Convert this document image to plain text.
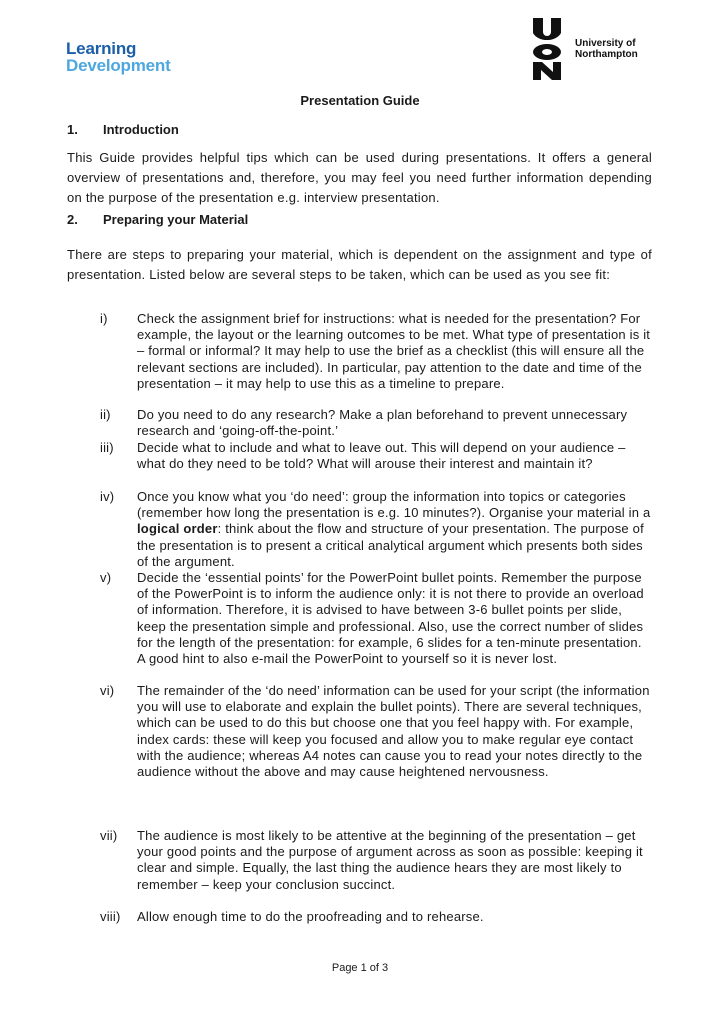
Learning
Development
University of
Northampton
Presentation Guide
1. Introduction
This Guide provides helpful tips which can be used during presentations. It offers a general overview of presentations and, therefore, you may feel you need further information depending on the purpose of the presentation e.g. interview presentation.
2. Preparing your Material
There are steps to preparing your material, which is dependent on the assignment and type of presentation. Listed below are several steps to be taken, which can be used as you see fit:
i) Check the assignment brief for instructions: what is needed for the presentation? For example, the layout or the learning outcomes to be met. What type of presentation is it – formal or informal? It may help to use the brief as a checklist (this will ensure all the relevant sections are included). In particular, pay attention to the date and time of the presentation – it may help to use this as a timeline to prepare.
ii) Do you need to do any research? Make a plan beforehand to prevent unnecessary research and ‘going-off-the-point.’
iii) Decide what to include and what to leave out. This will depend on your audience – what do they need to be told? What will arouse their interest and maintain it?
iv) Once you know what you ‘do need’: group the information into topics or categories (remember how long the presentation is e.g. 10 minutes?). Organise your material in a logical order: think about the flow and structure of your presentation. The purpose of the presentation is to present a critical analytical argument which presents both sides of the argument.
v) Decide the ‘essential points’ for the PowerPoint bullet points. Remember the purpose of the PowerPoint is to inform the audience only: it is not there to provide an overload of information. Therefore, it is advised to have between 3-6 bullet points per slide, keep the presentation simple and professional. Also, use the correct number of slides for the length of the presentation: for example, 6 slides for a ten-minute presentation. A good hint to also e-mail the PowerPoint to yourself so it is never lost.
vi) The remainder of the ‘do need’ information can be used for your script (the information you will use to elaborate and explain the bullet points). There are several techniques, which can be used to do this but choose one that you feel happy with. For example, index cards: these will keep you focused and allow you to make regular eye contact with the audience; whereas A4 notes can cause you to read your notes directly to the audience without the above and may cause heightened nervousness.
vii) The audience is most likely to be attentive at the beginning of the presentation – get your good points and the purpose of argument across as soon as possible: keeping it clear and simple. Equally, the last thing the audience hears they are most likely to remember – keep your conclusion succinct.
viii) Allow enough time to do the proofreading and to rehearse.
Page 1 of 3
